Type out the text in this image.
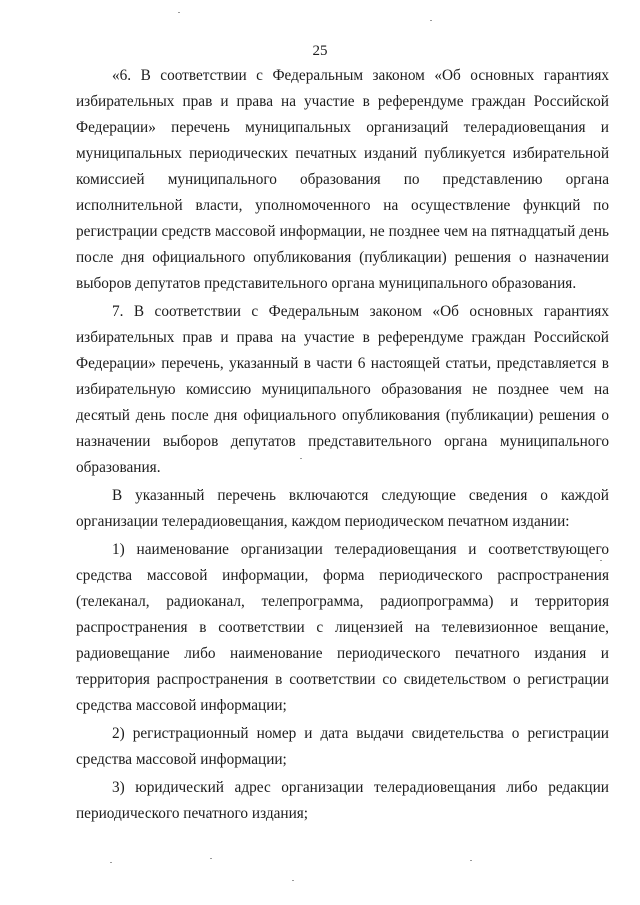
25

«6. В соответствии с Федеральным законом «Об основных гарантиях избирательных прав и права на участие в референдуме граждан Российской Федерации» перечень муниципальных организаций телерадиовещания и муниципальных периодических печатных изданий публикуется избирательной комиссией муниципального образования по представлению органа исполнительной власти, уполномоченного на осуществление функций по регистрации средств массовой информации, не позднее чем на пятнадцатый день после дня официального опубликования (публикации) решения о назначении выборов депутатов представительного органа муниципального образования.

7. В соответствии с Федеральным законом «Об основных гарантиях избирательных прав и права на участие в референдуме граждан Российской Федерации» перечень, указанный в части 6 настоящей статьи, представляется в избирательную комиссию муниципального образования не позднее чем на десятый день после дня официального опубликования (публикации) решения о назначении выборов депутатов представительного органа муниципального образования.

В указанный перечень включаются следующие сведения о каждой организации телерадиовещания, каждом периодическом печатном издании:

1) наименование организации телерадиовещания и соответствующего средства массовой информации, форма периодического распространения (телеканал, радиоканал, телепрограмма, радиопрограмма) и территория распространения в соответствии с лицензией на телевизионное вещание, радиовещание либо наименование периодического печатного издания и территория распространения в соответствии со свидетельством о регистрации средства массовой информации;

2) регистрационный номер и дата выдачи свидетельства о регистрации средства массовой информации;

3) юридический адрес организации телерадиовещания либо редакции периодического печатного издания;
